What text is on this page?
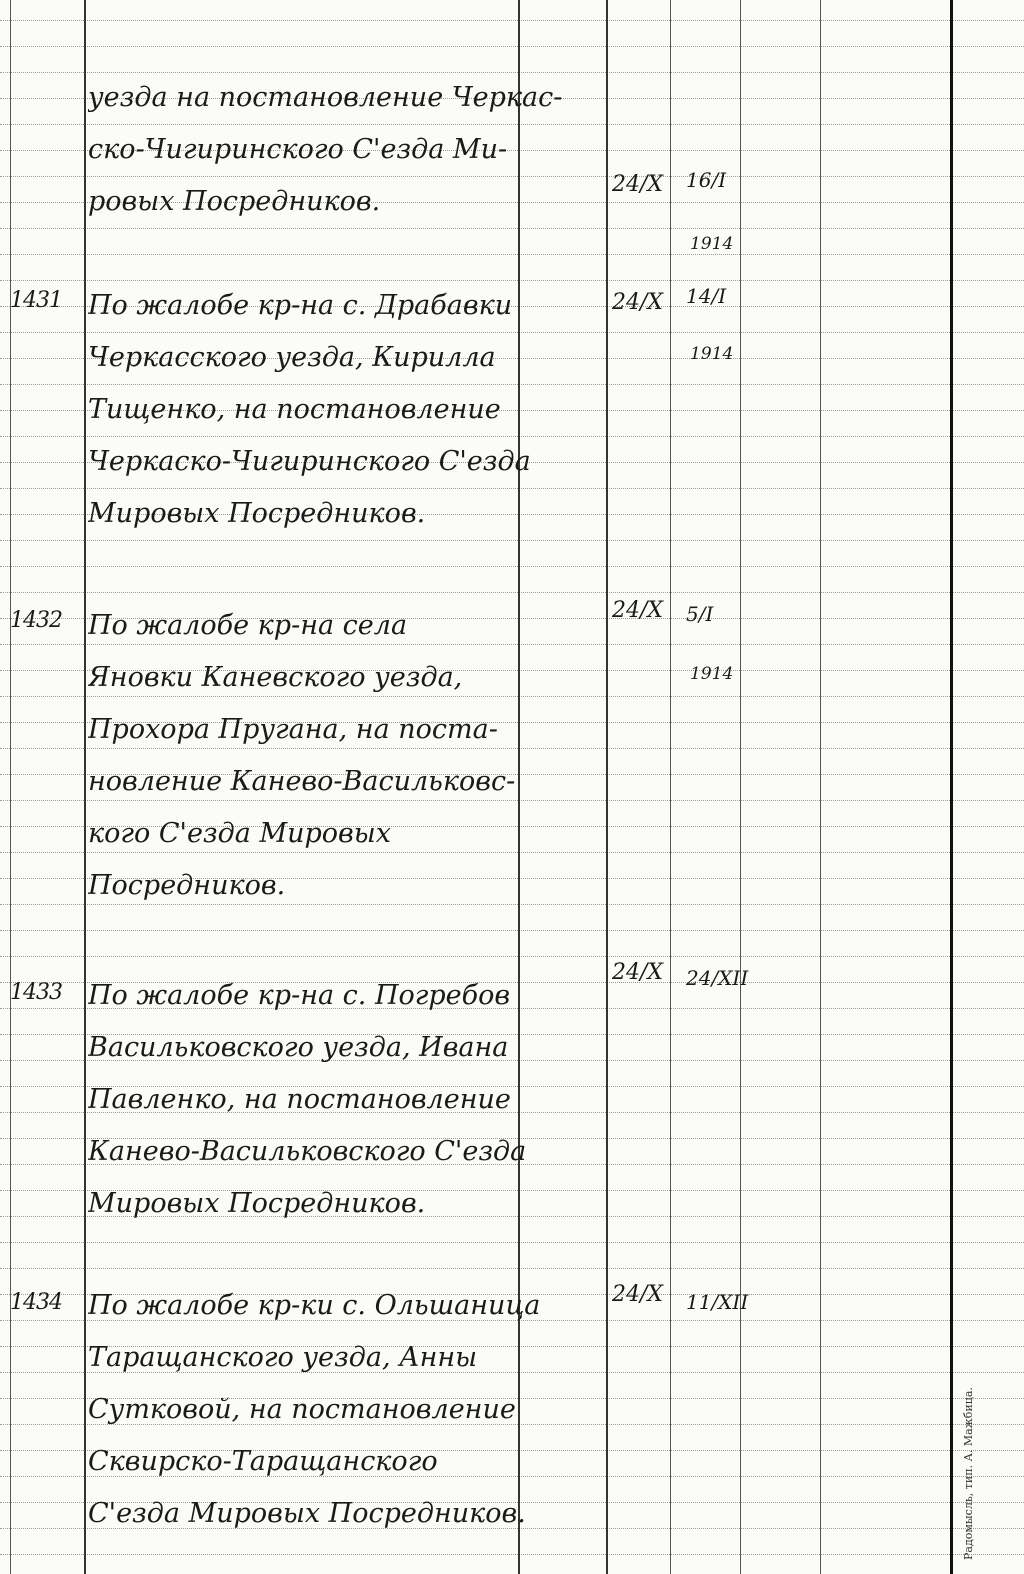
уезда на постановление Черкас-
ско-Чигиринского С'езда Ми-
ровых Посредников.
24/X	16/I
1914
1431 По жалобе кр-на с. Драбавки
Черкасского уезда, Кирилла
Тищенко, на постановление
Черкаско-Чигиринского С'езда
Мировых Посредников.
24/X	14/I
1914
1432 По жалобе кр-на села
Яновки Каневского уезда,
Прохора Пругана, на поста-
новление Канево-Васильковс-
кого С'езда Мировых
Посредников.
24/X	5/I
1914
1433 По жалобе кр-на с. Погребов
Васильковского уезда, Ивана
Павленко, на постановление
Канево-Васильковского С'езда
Мировых Посредников.
24/X	24/XII
1434 По жалобе кр-ки с. Ольшаница
Таращанского уезда, Анны
Сутковой, на постановление
Сквирско-Таращанского
С'езда Мировых Посредников.
24/X	11/XII
Радомысль, тип. А. Мажбица.
